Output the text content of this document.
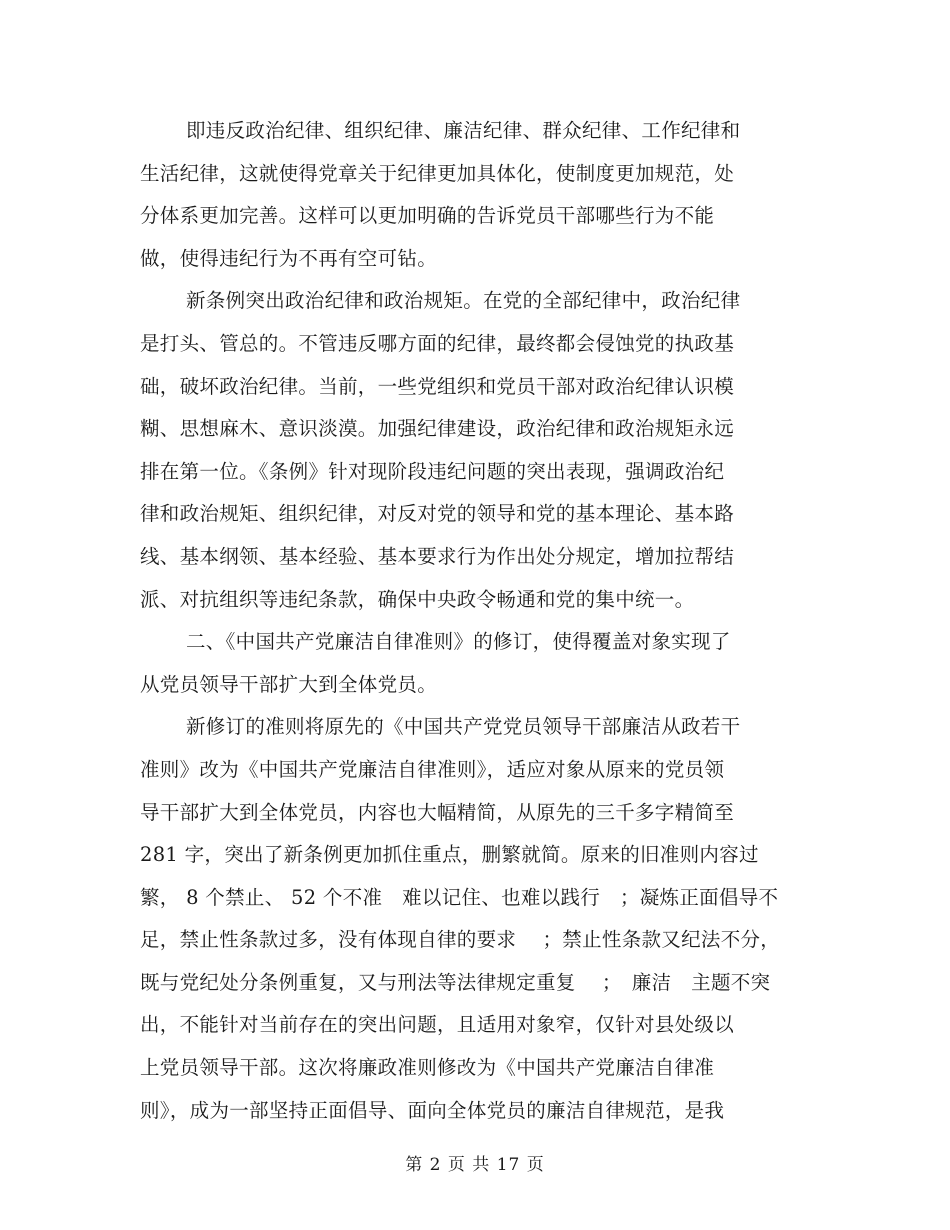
即违反政治纪律、组织纪律、廉洁纪律、群众纪律、工作纪律和
生活纪律，这就使得党章关于纪律更加具体化，使制度更加规范，处
分体系更加完善。这样可以更加明确的告诉党员干部哪些行为不能
做，使得违纪行为不再有空可钻。
新条例突出政治纪律和政治规矩。在党的全部纪律中，政治纪律
是打头、管总的。不管违反哪方面的纪律，最终都会侵蚀党的执政基
础，破坏政治纪律。当前，一些党组织和党员干部对政治纪律认识模
糊、思想麻木、意识淡漠。加强纪律建设，政治纪律和政治规矩永远
排在第一位。《条例》针对现阶段违纪问题的突出表现，强调政治纪
律和政治规矩、组织纪律，对反对党的领导和党的基本理论、基本路
线、基本纲领、基本经验、基本要求行为作出处分规定，增加拉帮结
派、对抗组织等违纪条款，确保中央政令畅通和党的集中统一。
二、《中国共产党廉洁自律准则》的修订，使得覆盖对象实现了
从党员领导干部扩大到全体党员。
新修订的准则将原先的《中国共产党党员领导干部廉洁从政若干
准则》改为《中国共产党廉洁自律准则》，适应对象从原来的党员领
导干部扩大到全体党员，内容也大幅精简，从原先的三千多字精简至
281 字，突出了新条例更加抓住重点，删繁就简。原来的旧准则内容过
繁， 8 个禁止、 52 个不准　难以记住、也难以践行　；凝炼正面倡导不
足，禁止性条款过多，没有体现自律的要求　 ；禁止性条款又纪法不分，
既与党纪处分条例重复，又与刑法等法律规定重复　 ；　廉洁　主题不突
出，不能针对当前存在的突出问题，且适用对象窄，仅针对县处级以
上党员领导干部。这次将廉政准则修改为《中国共产党廉洁自律准
则》，成为一部坚持正面倡导、面向全体党员的廉洁自律规范，是我
第 2 页 共 17 页
